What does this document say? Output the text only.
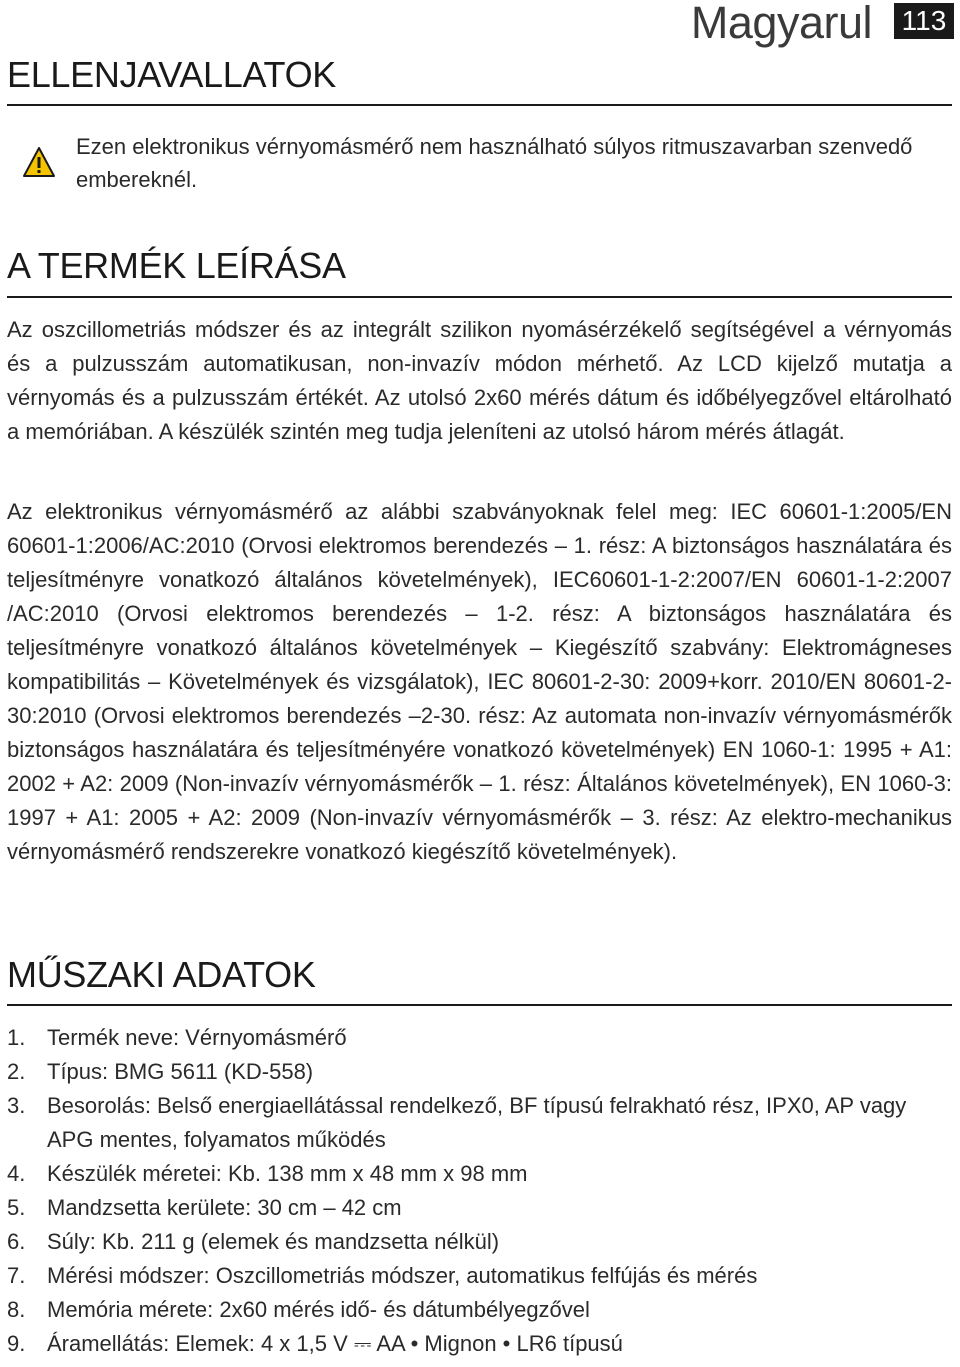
Magyarul 113
ELLENJAVALLATOK
Ezen elektronikus vérnyomásmérő nem használható súlyos ritmuszavarban szenvedő embereknél.
A TERMÉK LEÍRÁSA
Az oszcillometriás módszer és az integrált szilikon nyomásérzékelő segítségével a vérnyomás és a pulzusszám automatikusan, non-invazív módon mérhető. Az LCD kijelző mutatja a vérnyomás és a pulzusszám értékét. Az utolsó 2x60 mérés dátum és időbélyegzővel eltárolható a memóriában. A készülék szintén meg tudja jeleníteni az utolsó három mérés átlagát.
Az elektronikus vérnyomásmérő az alábbi szabványoknak felel meg: IEC 60601-1:2005/EN 60601-1:2006/AC:2010 (Orvosi elektromos berendezés – 1. rész: A biztonságos használatára és teljesítményre vonatkozó általános követelmények), IEC60601-1-2:2007/EN 60601-1-2:2007 /AC:2010 (Orvosi elektromos berendezés – 1-2. rész: A biztonságos használatára és teljesítményre vonatkozó általános követelmények – Kiegészítő szabvány: Elektromágneses kompatibilitás – Követelmények és vizsgálatok), IEC 80601-2-30: 2009+korr. 2010/EN 80601-2-30:2010 (Orvosi elektromos berendezés –2-30. rész: Az automata non-invazív vérnyomásmérők biztonságos használatára és teljesítményére vonatkozó követelmények) EN 1060-1: 1995 + A1: 2002 + A2: 2009 (Non-invazív vérnyomásmérők – 1. rész: Általános követelmények), EN 1060-3: 1997 + A1: 2005 + A2: 2009 (Non-invazív vérnyomásmérők – 3. rész: Az elektro-mechanikus vérnyomásmérő rendszerekre vonatkozó kiegészítő követelmények).
MŰSZAKI ADATOK
1. Termék neve: Vérnyomásmérő
2. Típus: BMG 5611 (KD-558)
3. Besorolás: Belső energiaellátással rendelkező, BF típusú felrakható rész, IPX0, AP vagy APG mentes, folyamatos működés
4. Készülék méretei: Kb. 138 mm x 48 mm x 98 mm
5. Mandzsetta kerülete: 30 cm – 42 cm
6. Súly: Kb. 211 g (elemek és mandzsetta nélkül)
7. Mérési módszer: Oszcillometriás módszer, automatikus felfújás és mérés
8. Memória mérete: 2x60 mérés idő- és dátumbélyegzővel
9. Áramellátás: Elemek: 4 x 1,5 V ⎓ AA • Mignon • LR6 típusú
